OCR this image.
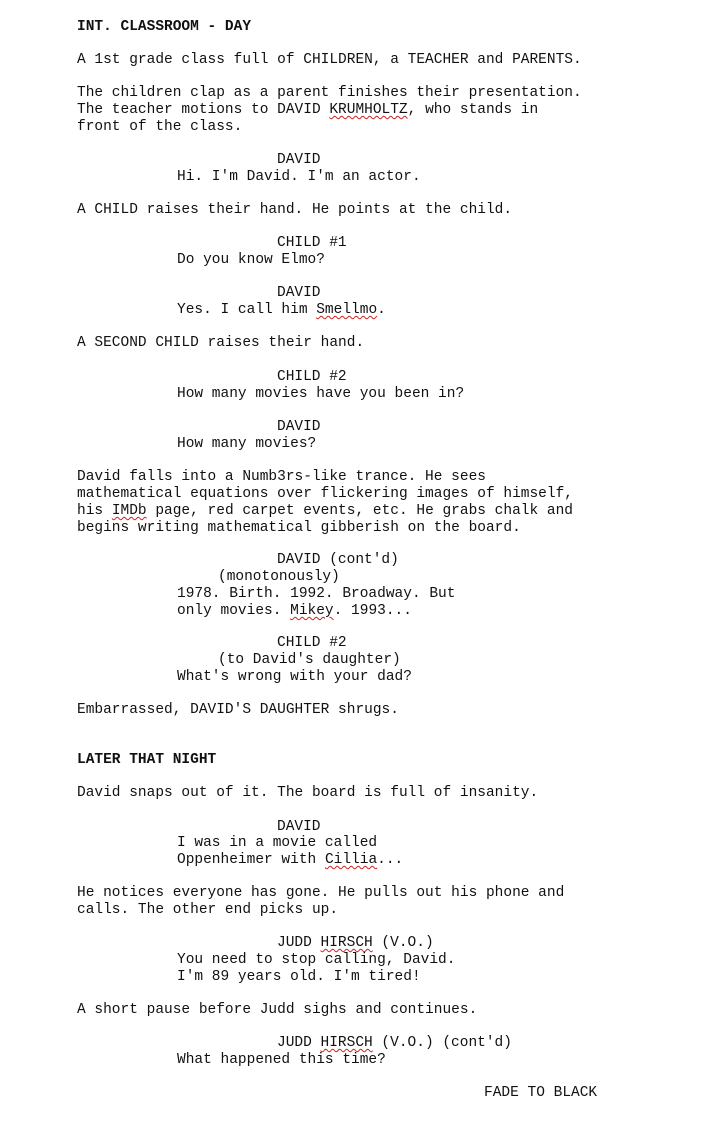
INT. CLASSROOM - DAY
A 1st grade class full of CHILDREN, a TEACHER and PARENTS.
The children clap as a parent finishes their presentation.
The teacher motions to DAVID KRUMHOLTZ, who stands in
front of the class.
DAVID
Hi. I'm David. I'm an actor.
A CHILD raises their hand. He points at the child.
CHILD #1
Do you know Elmo?
DAVID
Yes. I call him Smellmo.
A SECOND CHILD raises their hand.
CHILD #2
How many movies have you been in?
DAVID
How many movies?
David falls into a Numb3rs-like trance. He sees
mathematical equations over flickering images of himself,
his IMDb page, red carpet events, etc. He grabs chalk and
begins writing mathematical gibberish on the board.
DAVID (cont'd)
(monotonously)
1978. Birth. 1992. Broadway. But
only movies. Mikey. 1993...
CHILD #2
(to David's daughter)
What's wrong with your dad?
Embarrassed, DAVID'S DAUGHTER shrugs.
LATER THAT NIGHT
David snaps out of it. The board is full of insanity.
DAVID
I was in a movie called
Oppenheimer with Cillia...
He notices everyone has gone. He pulls out his phone and
calls. The other end picks up.
JUDD HIRSCH (V.O.)
You need to stop calling, David.
I'm 89 years old. I'm tired!
A short pause before Judd sighs and continues.
JUDD HIRSCH (V.O.) (cont'd)
What happened this time?
FADE TO BLACK
